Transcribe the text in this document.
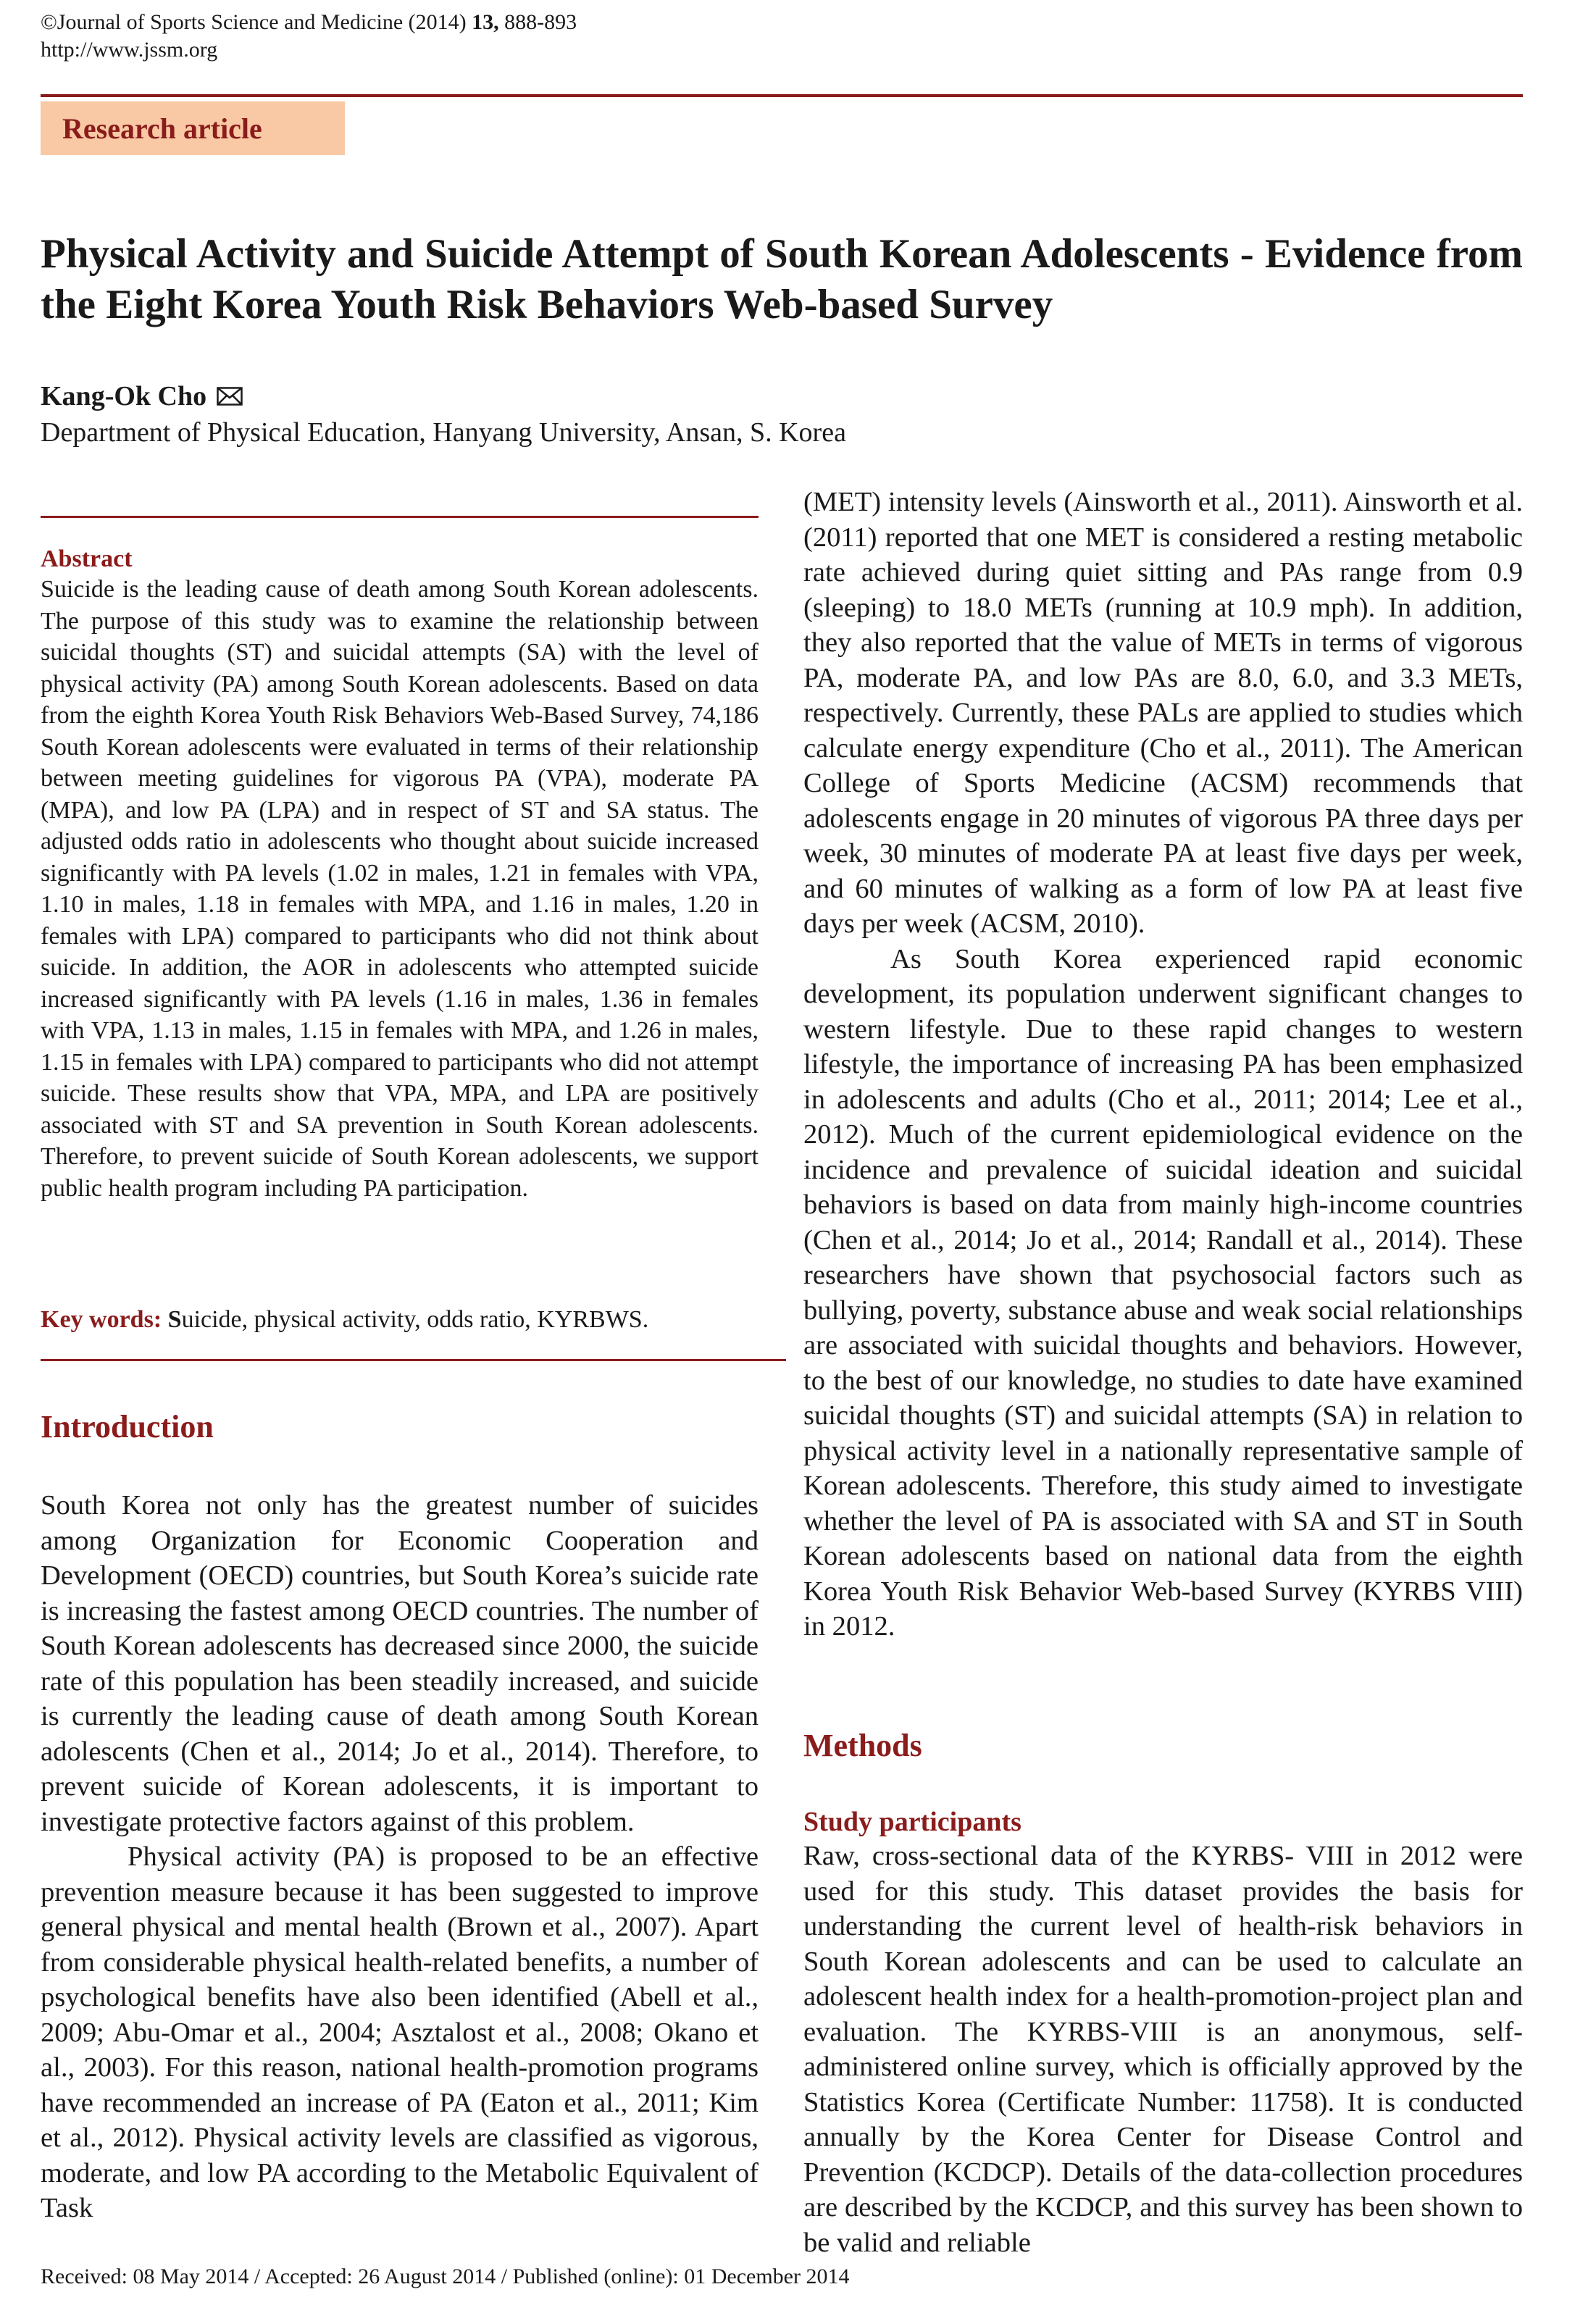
©Journal of Sports Science and Medicine (2014) 13, 888-893
http://www.jssm.org
Research article
Physical Activity and Suicide Attempt of South Korean Adolescents - Evidence from the Eight Korea Youth Risk Behaviors Web-based Survey
Kang-Ok Cho
Department of Physical Education, Hanyang University, Ansan, S. Korea
Abstract
Suicide is the leading cause of death among South Korean adolescents. The purpose of this study was to examine the relationship between suicidal thoughts (ST) and suicidal attempts (SA) with the level of physical activity (PA) among South Korean adolescents. Based on data from the eighth Korea Youth Risk Behaviors Web-Based Survey, 74,186 South Korean adolescents were evaluated in terms of their relationship between meeting guidelines for vigorous PA (VPA), moderate PA (MPA), and low PA (LPA) and in respect of ST and SA status. The adjusted odds ratio in adolescents who thought about suicide increased significantly with PA levels (1.02 in males, 1.21 in females with VPA, 1.10 in males, 1.18 in females with MPA, and 1.16 in males, 1.20 in females with LPA) compared to participants who did not think about suicide. In addition, the AOR in adolescents who attempted suicide increased significantly with PA levels (1.16 in males, 1.36 in females with VPA, 1.13 in males, 1.15 in females with MPA, and 1.26 in males, 1.15 in females with LPA) compared to participants who did not attempt suicide. These results show that VPA, MPA, and LPA are positively associated with ST and SA prevention in South Korean adolescents. Therefore, to prevent suicide of South Korean adolescents, we support public health program including PA participation.
Key words: Suicide, physical activity, odds ratio, KYRBWS.
Introduction

South Korea not only has the greatest number of suicides among Organization for Economic Cooperation and Development (OECD) countries, but South Korea’s suicide rate is increasing the fastest among OECD countries. The number of South Korean adolescents has decreased since 2000, the suicide rate of this population has been steadily increased, and suicide is currently the leading cause of death among South Korean adolescents (Chen et al., 2014; Jo et al., 2014). Therefore, to prevent suicide of Korean adolescents, it is important to investigate protective factors against of this problem.

Physical activity (PA) is proposed to be an effective prevention measure because it has been suggested to improve general physical and mental health (Brown et al., 2007). Apart from considerable physical health-related benefits, a number of psychological benefits have also been identified (Abell et al., 2009; Abu-Omar et al., 2004; Asztalost et al., 2008; Okano et al., 2003). For this reason, national health-promotion programs have recommended an increase of PA (Eaton et al., 2011; Kim et al., 2012). Physical activity levels are classified as vigorous, moderate, and low PA according to the Metabolic Equivalent of Task

(MET) intensity levels (Ainsworth et al., 2011). Ainsworth et al. (2011) reported that one MET is considered a resting metabolic rate achieved during quiet sitting and PAs range from 0.9 (sleeping) to 18.0 METs (running at 10.9 mph). In addition, they also reported that the value of METs in terms of vigorous PA, moderate PA, and low PAs are 8.0, 6.0, and 3.3 METs, respectively. Currently, these PALs are applied to studies which calculate energy expenditure (Cho et al., 2011). The American College of Sports Medicine (ACSM) recommends that adolescents engage in 20 minutes of vigorous PA three days per week, 30 minutes of moderate PA at least five days per week, and 60 minutes of walking as a form of low PA at least five days per week (ACSM, 2010).

As South Korea experienced rapid economic development, its population underwent significant changes to western lifestyle. Due to these rapid changes to western lifestyle, the importance of increasing PA has been emphasized in adolescents and adults (Cho et al., 2011; 2014; Lee et al., 2012). Much of the current epidemiological evidence on the incidence and prevalence of suicidal ideation and suicidal behaviors is based on data from mainly high-income countries (Chen et al., 2014; Jo et al., 2014; Randall et al., 2014). These researchers have shown that psychosocial factors such as bullying, poverty, substance abuse and weak social relationships are associated with suicidal thoughts and behaviors. However, to the best of our knowledge, no studies to date have examined suicidal thoughts (ST) and suicidal attempts (SA) in relation to physical activity level in a nationally representative sample of Korean adolescents. Therefore, this study aimed to investigate whether the level of PA is associated with SA and ST in South Korean adolescents based on national data from the eighth Korea Youth Risk Behavior Web-based Survey (KYRBS VIII) in 2012.

Methods
Study participants

Raw, cross-sectional data of the KYRBS- VIII in 2012 were used for this study. This dataset provides the basis for understanding the current level of health-risk behaviors in South Korean adolescents and can be used to calculate an adolescent health index for a health-promotion-project plan and evaluation. The KYRBS-VIII is an anonymous, self-administered online survey, which is officially approved by the Statistics Korea (Certificate Number: 11758). It is conducted annually by the Korea Center for Disease Control and Prevention (KCDCP). Details of the data-collection procedures are described by the KCDCP, and this survey has been shown to be valid and reliable

Received: 08 May 2014 / Accepted: 26 August 2014 / Published (online): 01 December 2014
